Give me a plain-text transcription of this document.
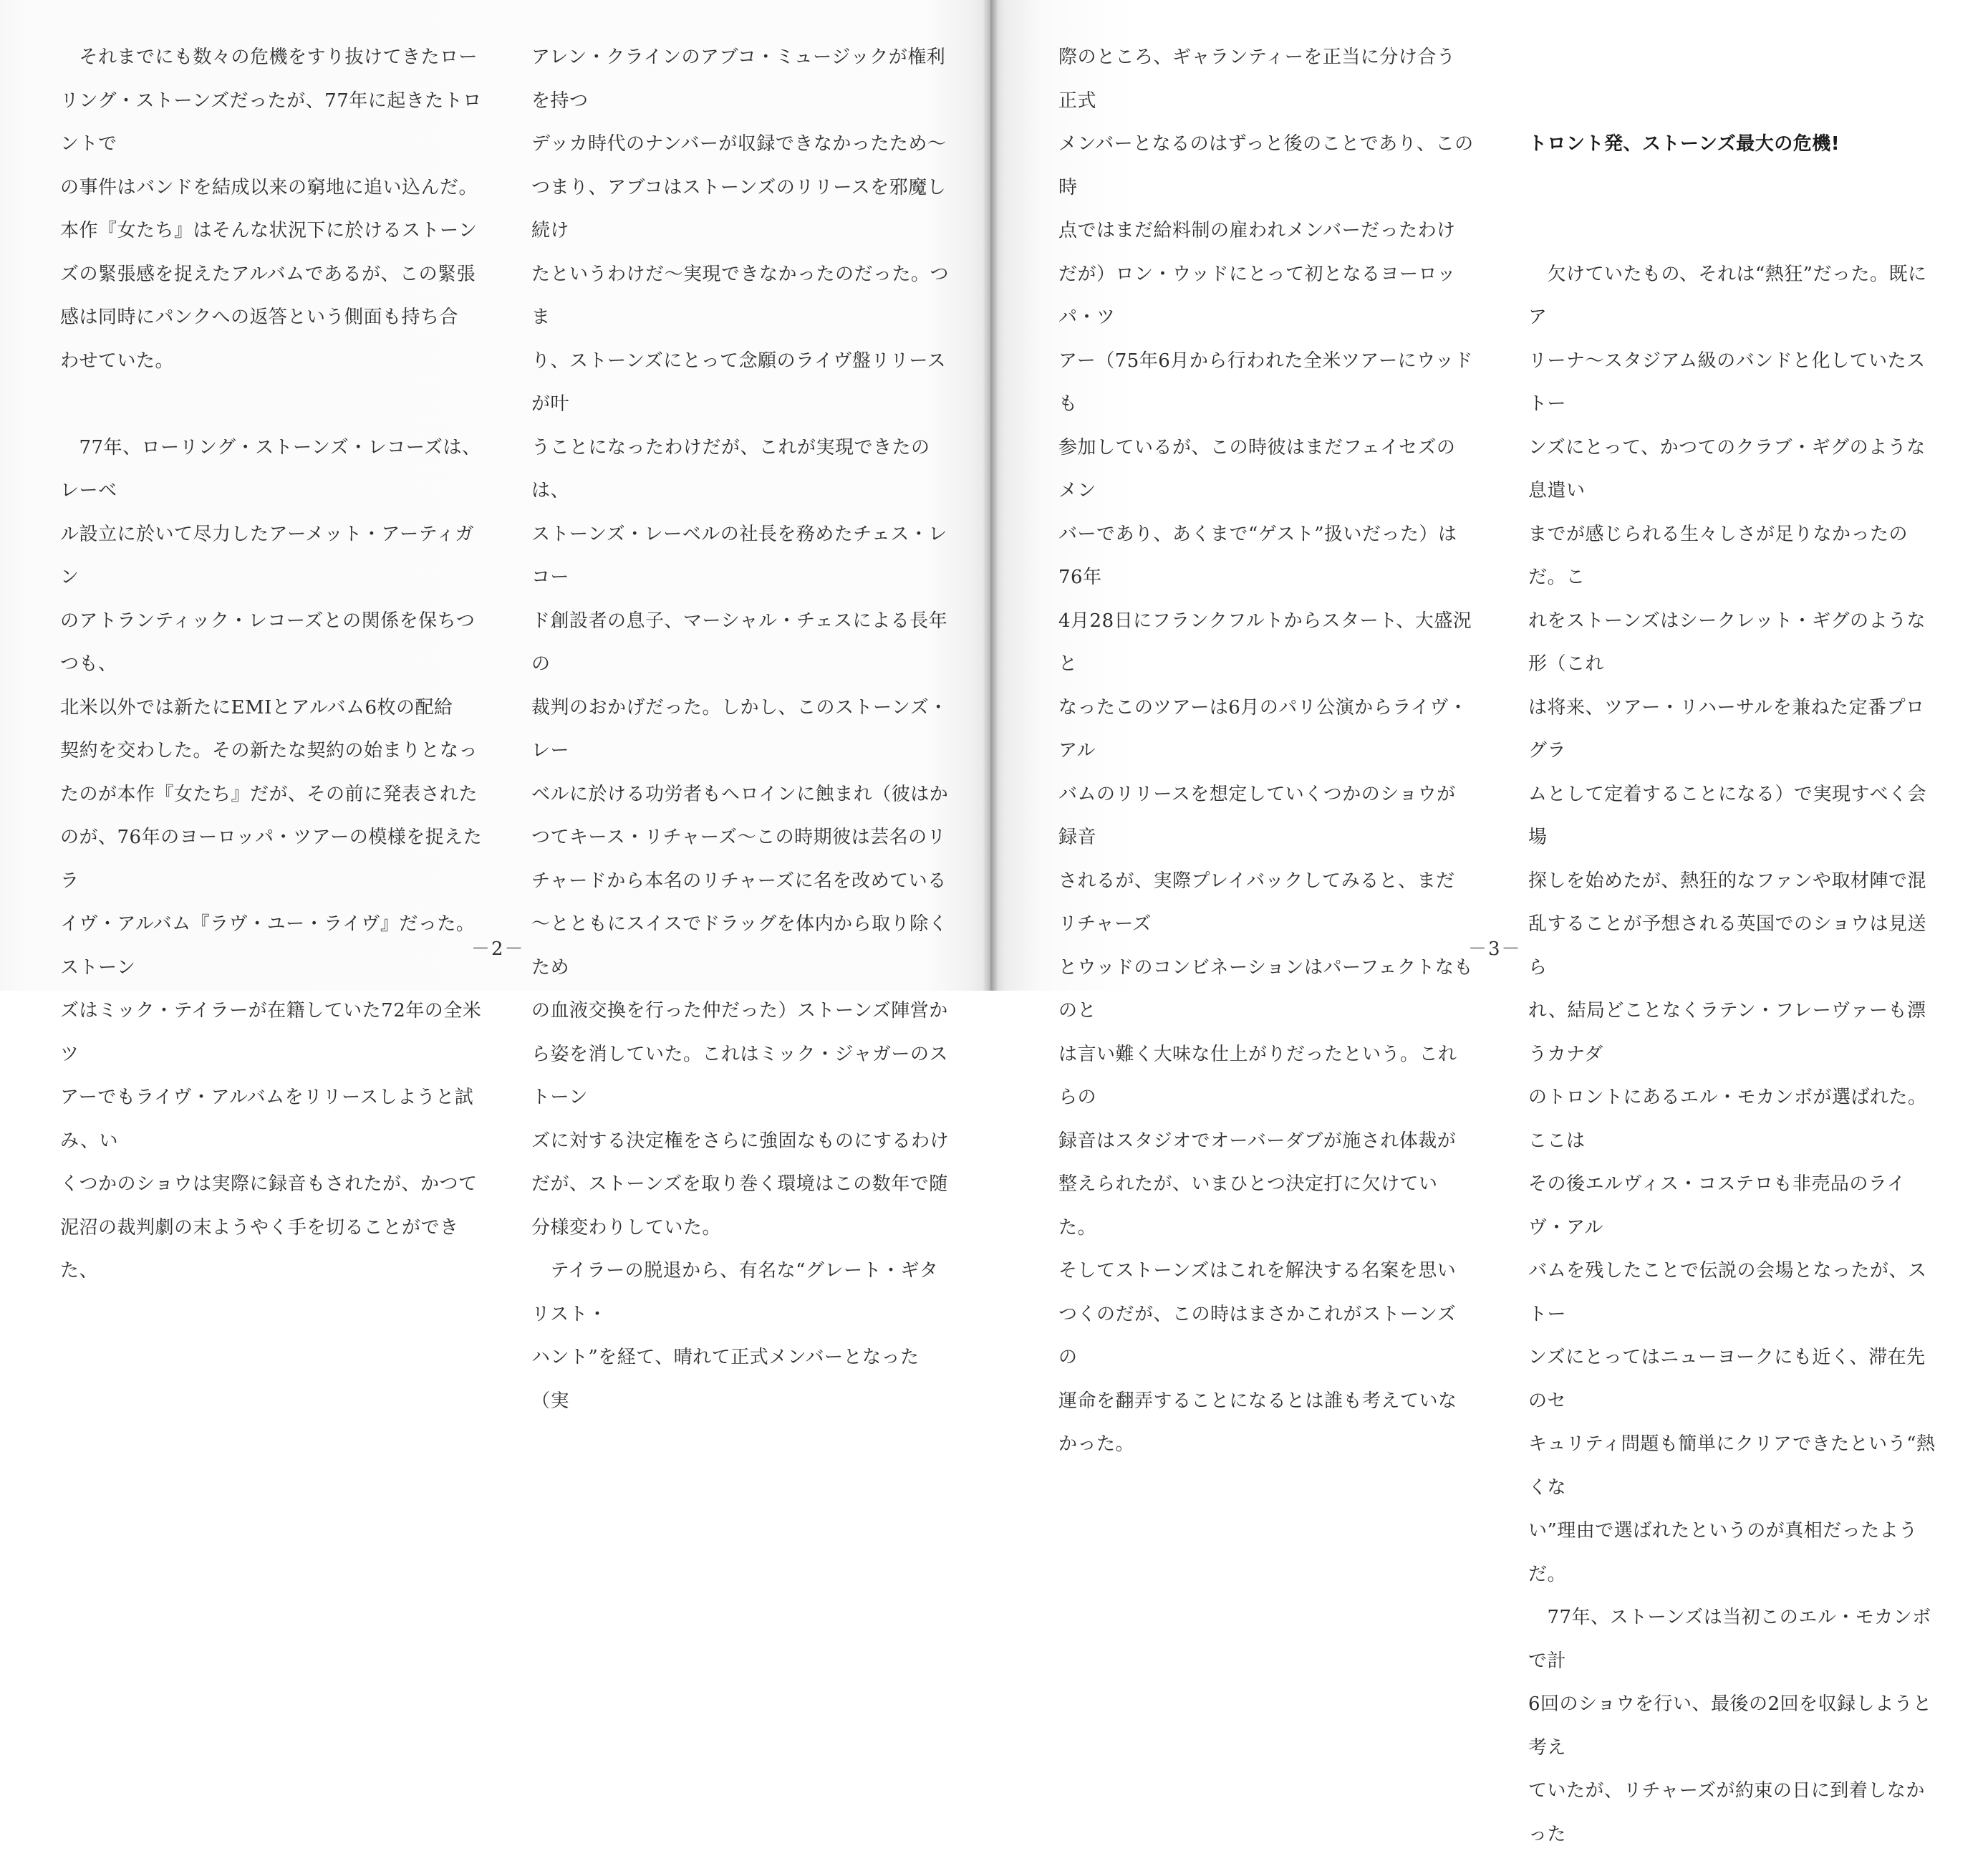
　それまでにも数々の危機をすり抜けてきたロー

リング・ストーンズだったが、77年に起きたトロントで

の事件はバンドを結成以来の窮地に追い込んだ。

本作『女たち』はそんな状況下に於けるストーン

ズの緊張感を捉えたアルバムであるが、この緊張

感は同時にパンクへの返答という側面も持ち合

わせていた。

　77年、ローリング・ストーンズ・レコーズは、レーベ

ル設立に於いて尽力したアーメット・アーティガン

のアトランティック・レコーズとの関係を保ちつつも、

北米以外では新たにEMIとアルバム6枚の配給

契約を交わした。その新たな契約の始まりとなっ

たのが本作『女たち』だが、その前に発表された

のが、76年のヨーロッパ・ツアーの模様を捉えたラ

イヴ・アルバム『ラヴ・ユー・ライヴ』だった。ストーン

ズはミック・テイラーが在籍していた72年の全米ツ

アーでもライヴ・アルバムをリリースしようと試み、い

くつかのショウは実際に録音もされたが、かつて

泥沼の裁判劇の末ようやく手を切ることができた、

アレン・クラインのアブコ・ミュージックが権利を持つ

デッカ時代のナンバーが収録できなかったため～

つまり、アブコはストーンズのリリースを邪魔し続け

たというわけだ～実現できなかったのだった。つま

り、ストーンズにとって念願のライヴ盤リリースが叶

うことになったわけだが、これが実現できたのは、

ストーンズ・レーベルの社長を務めたチェス・レコー

ド創設者の息子、マーシャル・チェスによる長年の

裁判のおかげだった。しかし、このストーンズ・レー

ベルに於ける功労者もヘロインに蝕まれ（彼はか

つてキース・リチャーズ～この時期彼は芸名のリ

チャードから本名のリチャーズに名を改めている

～とともにスイスでドラッグを体内から取り除くため

の血液交換を行った仲だった）ストーンズ陣営か

ら姿を消していた。これはミック・ジャガーのストーン

ズに対する決定権をさらに強固なものにするわけ

だが、ストーンズを取り巻く環境はこの数年で随

分様変わりしていた。

　テイラーの脱退から、有名な“グレート・ギタリスト・

ハント”を経て、晴れて正式メンバーとなった（実

際のところ、ギャランティーを正当に分け合う正式

メンバーとなるのはずっと後のことであり、この時

点ではまだ給料制の雇われメンバーだったわけ

だが）ロン・ウッドにとって初となるヨーロッパ・ツ

アー（75年6月から行われた全米ツアーにウッドも

参加しているが、この時彼はまだフェイセズのメン

バーであり、あくまで“ゲスト”扱いだった）は76年

4月28日にフランクフルトからスタート、大盛況と

なったこのツアーは6月のパリ公演からライヴ・アル

バムのリリースを想定していくつかのショウが録音

されるが、実際プレイバックしてみると、まだリチャーズ

とウッドのコンビネーションはパーフェクトなものと

は言い難く大味な仕上がりだったという。これらの

録音はスタジオでオーバーダブが施され体裁が

整えられたが、いまひとつ決定打に欠けていた。

そしてストーンズはこれを解決する名案を思い

つくのだが、この時はまさかこれがストーンズの

運命を翻弄することになるとは誰も考えていな

かった。

トロント発、ストーンズ最大の危機!

　欠けていたもの、それは“熱狂”だった。既にア

リーナ～スタジアム級のバンドと化していたストー

ンズにとって、かつてのクラブ・ギグのような息遣い

までが感じられる生々しさが足りなかったのだ。こ

れをストーンズはシークレット・ギグのような形（これ

は将来、ツアー・リハーサルを兼ねた定番プログラ

ムとして定着することになる）で実現すべく会場

探しを始めたが、熱狂的なファンや取材陣で混

乱することが予想される英国でのショウは見送ら

れ、結局どことなくラテン・フレーヴァーも漂うカナダ

のトロントにあるエル・モカンボが選ばれた。ここは

その後エルヴィス・コステロも非売品のライヴ・アル

バムを残したことで伝説の会場となったが、ストー

ンズにとってはニューヨークにも近く、滞在先のセ

キュリティ問題も簡単にクリアできたという“熱くな

い”理由で選ばれたというのが真相だったようだ。

　77年、ストーンズは当初このエル・モカンボで計

6回のショウを行い、最後の2回を収録しようと考え

ていたが、リチャーズが約束の日に到着しなかった

－2－	－3－
